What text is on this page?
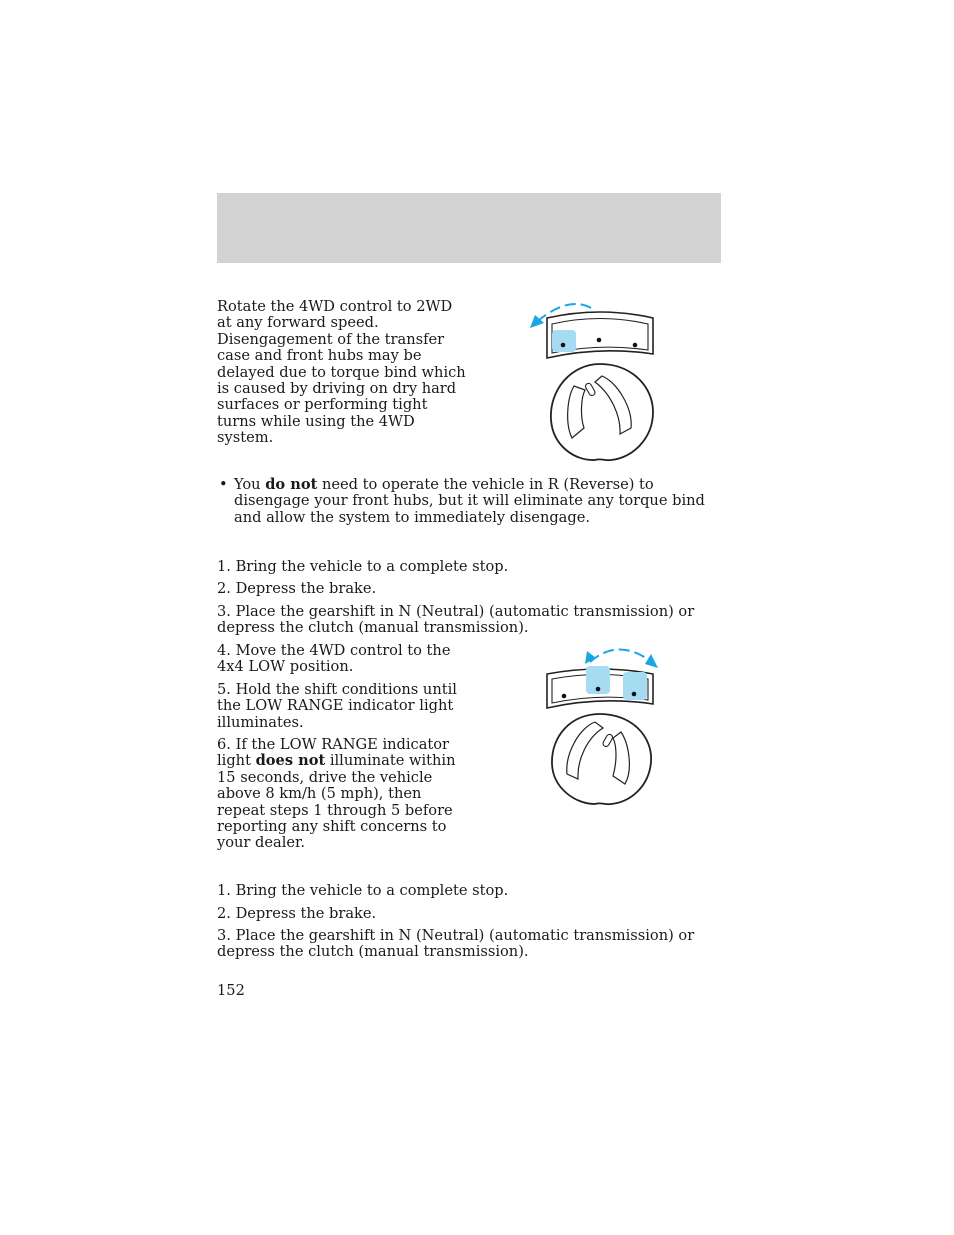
Rotate the 4WD control to 2WD at any forward speed. Disengagement of the transfer case and front hubs may be delayed due to torque bind which is caused by driving on dry hard surfaces or performing tight turns while using the 4WD system.

• You do not need to operate the vehicle in R (Reverse) to disengage your front hubs, but it will eliminate any torque bind and allow the system to immediately disengage.

1. Bring the vehicle to a complete stop.

2. Depress the brake.

3. Place the gearshift in N (Neutral) (automatic transmission) or depress the clutch (manual transmission).

4. Move the 4WD control to the 4x4 LOW position.

5. Hold the shift conditions until the LOW RANGE indicator light illuminates.

6. If the LOW RANGE indicator light does not illuminate within 15 seconds, drive the vehicle above 8 km/h (5 mph), then repeat steps 1 through 5 before reporting any shift concerns to your dealer.

1. Bring the vehicle to a complete stop.

2. Depress the brake.

3. Place the gearshift in N (Neutral) (automatic transmission) or depress the clutch (manual transmission).

152
